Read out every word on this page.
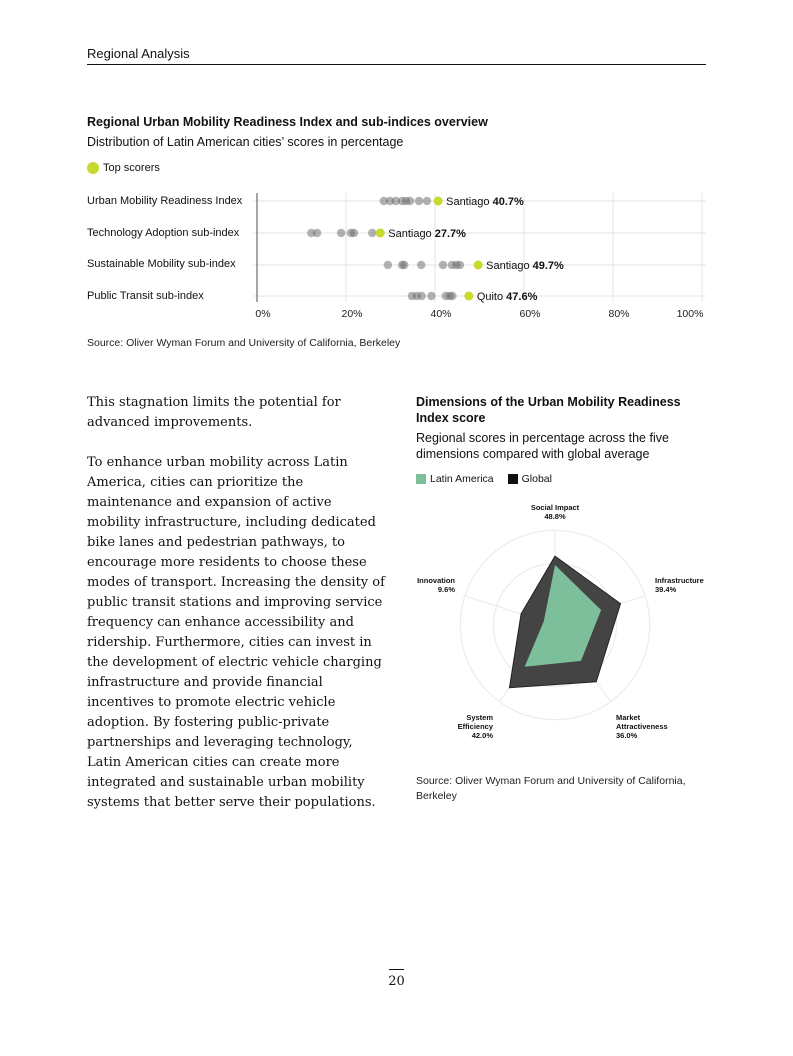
Regional Analysis
Regional Urban Mobility Readiness Index and sub-indices overview
Distribution of Latin American cities’ scores in percentage
Top scorers
Urban Mobility Readiness Index
Technology Adoption sub-index
Sustainable Mobility sub-index
Public Transit sub-index
0%	20%	40%	60%	80%	100%
Santiago 40.7%
Santiago 27.7%
Santiago 49.7%
Quito 47.6%
Source: Oliver Wyman Forum and University of California, Berkeley

This stagnation limits the potential for advanced improvements.

To enhance urban mobility across Latin America, cities can prioritize the maintenance and expansion of active mobility infrastructure, including dedicated bike lanes and pedestrian pathways, to encourage more residents to choose these modes of transport. Increasing the density of public transit stations and improving service frequency can enhance accessibility and ridership. Furthermore, cities can invest in the development of electric vehicle charging infrastructure and provide financial incentives to promote electric vehicle adoption. By fostering public-private partnerships and leveraging technology, Latin American cities can create more integrated and sustainable urban mobility systems that better serve their populations.

Dimensions of the Urban Mobility Readiness Index score
Regional scores in percentage across the five dimensions compared with global average
Latin America	Global
Social Impact 48.8%
Infrastructure 39.4%
Market Attractiveness 36.0%
System Efficiency 42.0%
Innovation 9.6%
Source: Oliver Wyman Forum and University of California, Berkeley
20
